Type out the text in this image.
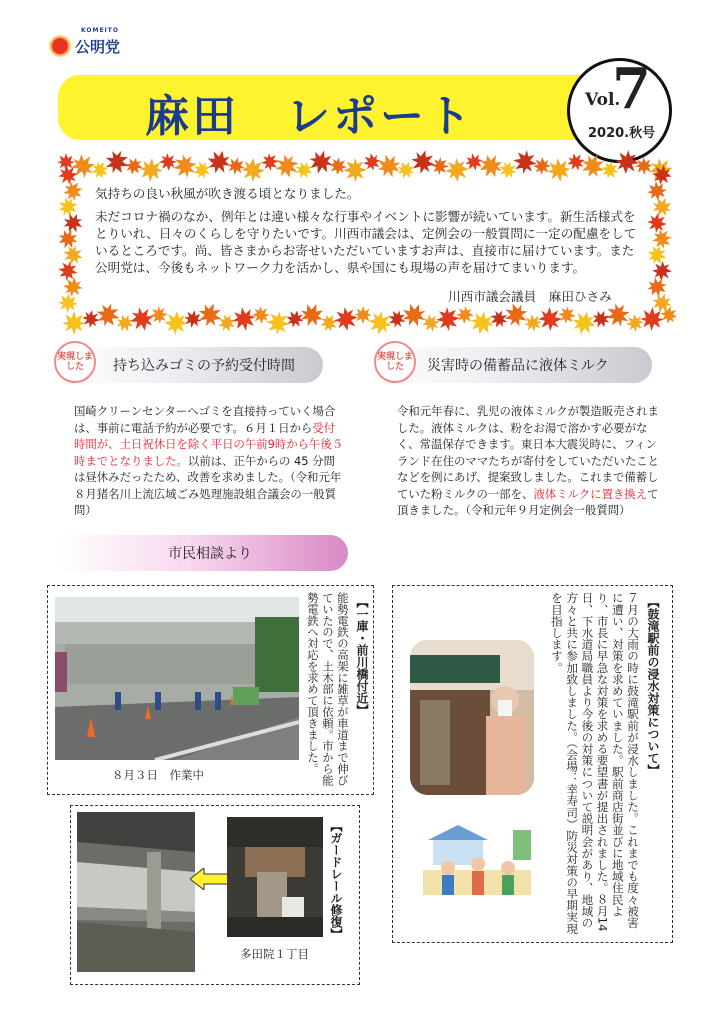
KOMEITO
公明党
麻田　レポート	Vol.
7
2020.秋号

気持ちの良い秋風が吹き渡る頃となりました。

未だコロナ禍のなか、例年とは違い様々な行事やイベントに影響が続いています。新生活様式をとりいれ、日々のくらしを守りたいです。川西市議会は、定例会の一般質問に一定の配慮をしているところです。尚、皆さまからお寄せいただいていますお声は、直接市に届けています。また公明党は、今後もネットワーク力を活かし、県や国にも現場の声を届けてまいります。

川西市議会議員　麻田ひさみ
持ち込みゴミの予約受付時間
実現しました
国崎クリーンセンターへゴミを直接持っていく場合は、事前に電話予約が必要です。６月１日から受付時間が、土日祝休日を除く平日の午前9時から午後５時までとなりました。以前は、正午からの 45 分間は昼休みだったため、改善を求めました。（令和元年８月猪名川上流広域ごみ処理施設組合議会の一般質問）
災害時の備蓄品に液体ミルク
実現しました
令和元年春に、乳児の液体ミルクが製造販売されました。液体ミルクは、粉をお湯で溶かす必要がなく、常温保存できます。東日本大震災時に、フィンランド在住のママたちが寄付をしていただいたことなどを例にあげ、提案致しました。これまで備蓄していた粉ミルクの一部を、液体ミルクに置き換えて頂きました。（令和元年９月定例会一般質問）
市民相談より
８月３日　作業中
【一庫・前川橋付近】
能勢電鉄の高架に雑草が車道まで伸びていたので、土木部に依頼。市から能勢電鉄へ対応を求めて頂きました。
多田院１丁目
【ガードレール修復】
【鼓滝駅前の浸水対策について】
７月の大雨の時に鼓滝駅前が浸水しました。これまでも度々被害に遭い、対策を求めていました。駅前商店街並びに地域住民より、市長に早急な対策を求める要望書が提出されました。８月14日、下水道局職員より今後の対策について説明会があり、地域の方々と共に参加致しました。（会場：幸寿司）防災対策の早期実現を目指します。
